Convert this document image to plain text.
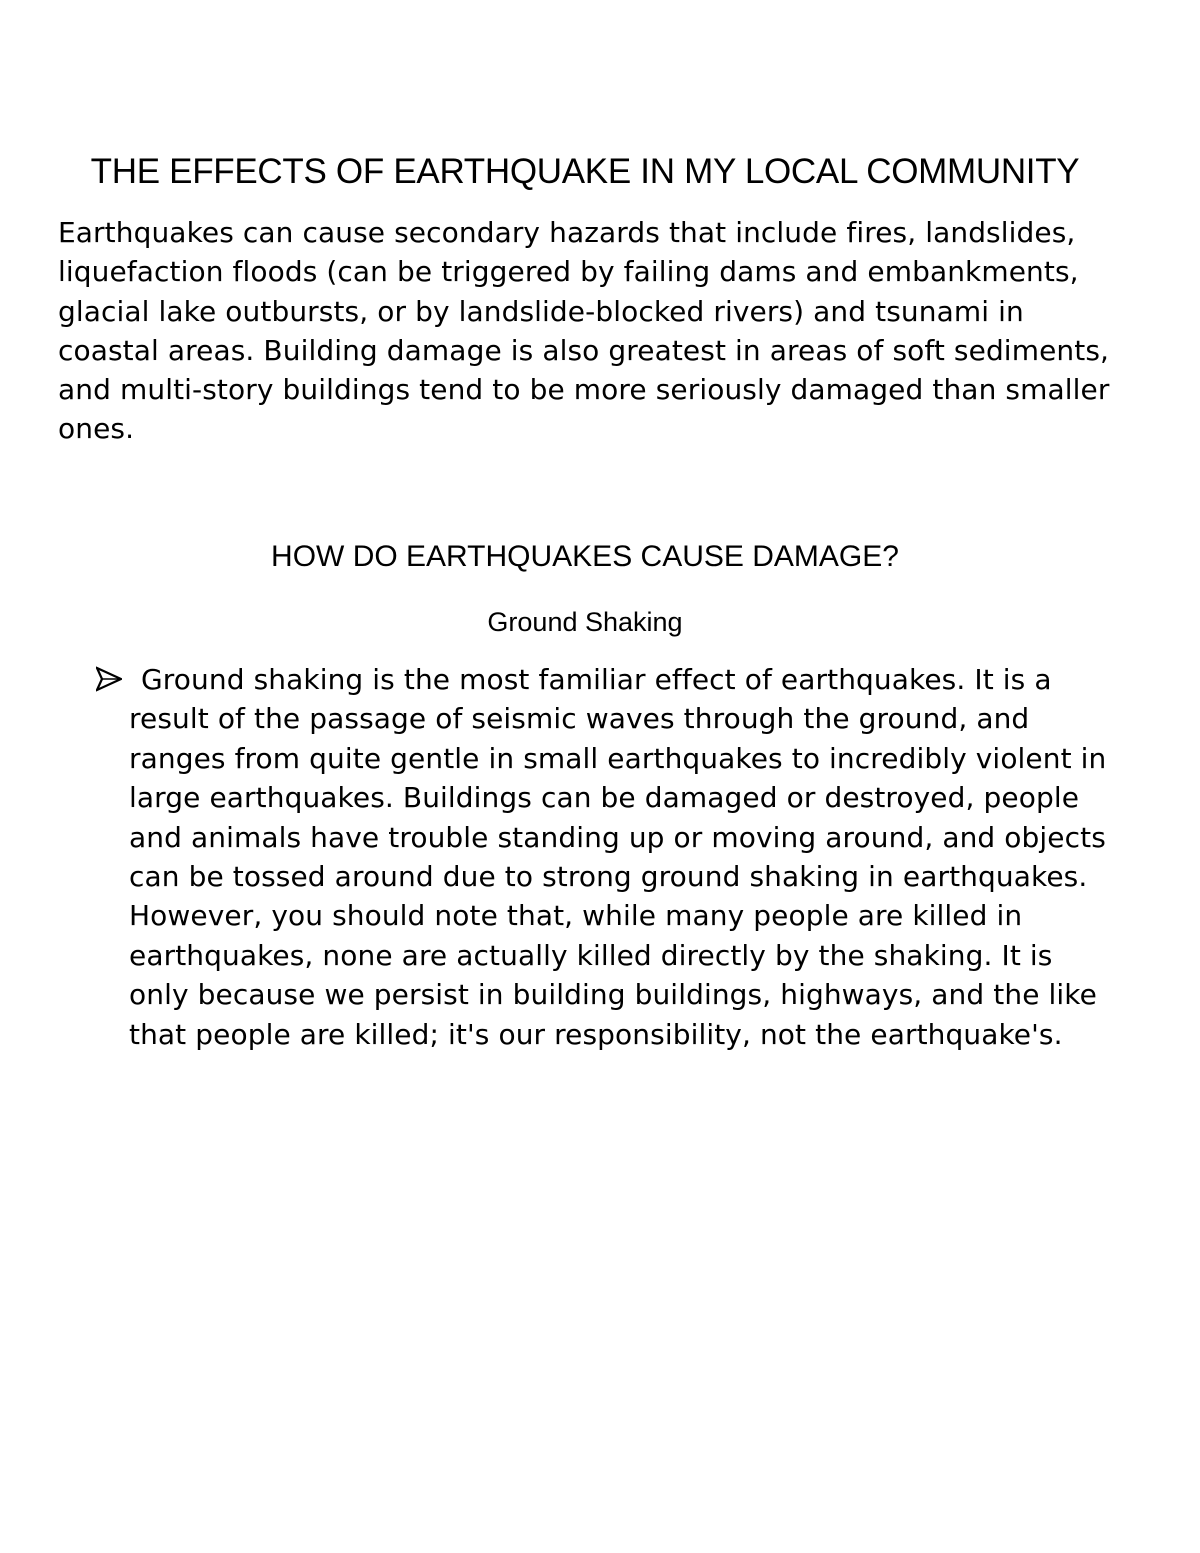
THE EFFECTS OF EARTHQUAKE IN MY LOCAL COMMUNITY

Earthquakes can cause secondary hazards that include fires, landslides, liquefaction floods (can be triggered by failing dams and embankments, glacial lake outbursts, or by landslide-blocked rivers) and tsunami in coastal areas. Building damage is also greatest in areas of soft sediments, and multi-story buildings tend to be more seriously damaged than smaller ones.

HOW DO EARTHQUAKES CAUSE DAMAGE?
Ground Shaking

Ground shaking is the most familiar effect of earthquakes. It is a result of the passage of seismic waves through the ground, and ranges from quite gentle in small earthquakes to incredibly violent in large earthquakes. Buildings can be damaged or destroyed, people and animals have trouble standing up or moving around, and objects can be tossed around due to strong ground shaking in earthquakes. However, you should note that, while many people are killed in earthquakes, none are actually killed directly by the shaking. It is only because we persist in building buildings, highways, and the like that people are killed; it's our responsibility, not the earthquake's.
